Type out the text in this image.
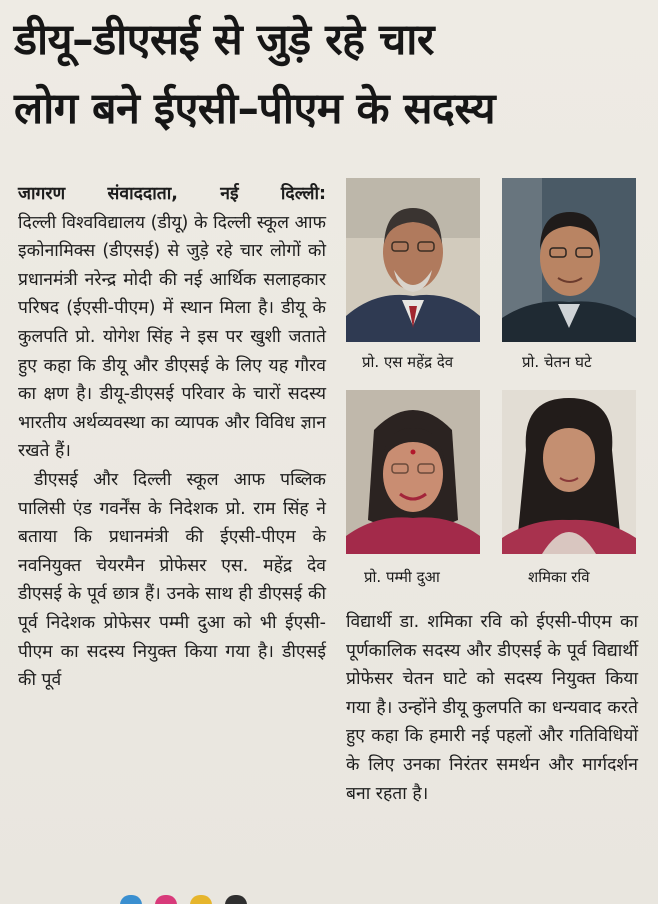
डीयू–डीएसई से जुड़े रहे चार
लोग बने ईएसी–पीएम के सदस्य

जागरण संवाददाता, नई दिल्ली:

दिल्ली विश्वविद्यालय (डीयू) के दिल्ली स्कूल आफ इकोनामिक्स (डीएसई) से जुड़े रहे चार लोगों को प्रधानमंत्री नरेन्द्र मोदी की नई आर्थिक सलाहकार परिषद (ईएसी-पीएम) में स्थान मिला है। डीयू के कुलपति प्रो. योगेश सिंह ने इस पर खुशी जताते हुए कहा कि डीयू और डीएसई के लिए यह गौरव का क्षण है। डीयू-डीएसई परिवार के चारों सदस्य भारतीय अर्थव्यवस्था का व्यापक और विविध ज्ञान रखते हैं।

डीएसई और दिल्ली स्कूल आफ पब्लिक पालिसी एंड गवर्नेंस के निदेशक प्रो. राम सिंह ने बताया कि प्रधानमंत्री की ईएसी-पीएम के नवनियुक्त चेयरमैन प्रोफेसर एस. महेंद्र देव डीएसई के पूर्व छात्र हैं। उनके साथ ही डीएसई की पूर्व निदेशक प्रोफेसर पम्मी दुआ को भी ईएसी-पीएम का सदस्य नियुक्त किया गया है। डीएसई की पूर्व

प्रो. एस महेंद्र देव	प्रो. चेतन घटे
प्रो. पम्मी दुआ	शमिका रवि

विद्यार्थी डा. शमिका रवि को ईएसी-पीएम का पूर्णकालिक सदस्य और डीएसई के पूर्व विद्यार्थी प्रोफेसर चेतन घाटे को सदस्य नियुक्त किया गया है। उन्होंने डीयू कुलपति का धन्यवाद करते हुए कहा कि हमारी नई पहलों और गतिविधियों के लिए उनका निरंतर समर्थन और मार्गदर्शन बना रहता है।
